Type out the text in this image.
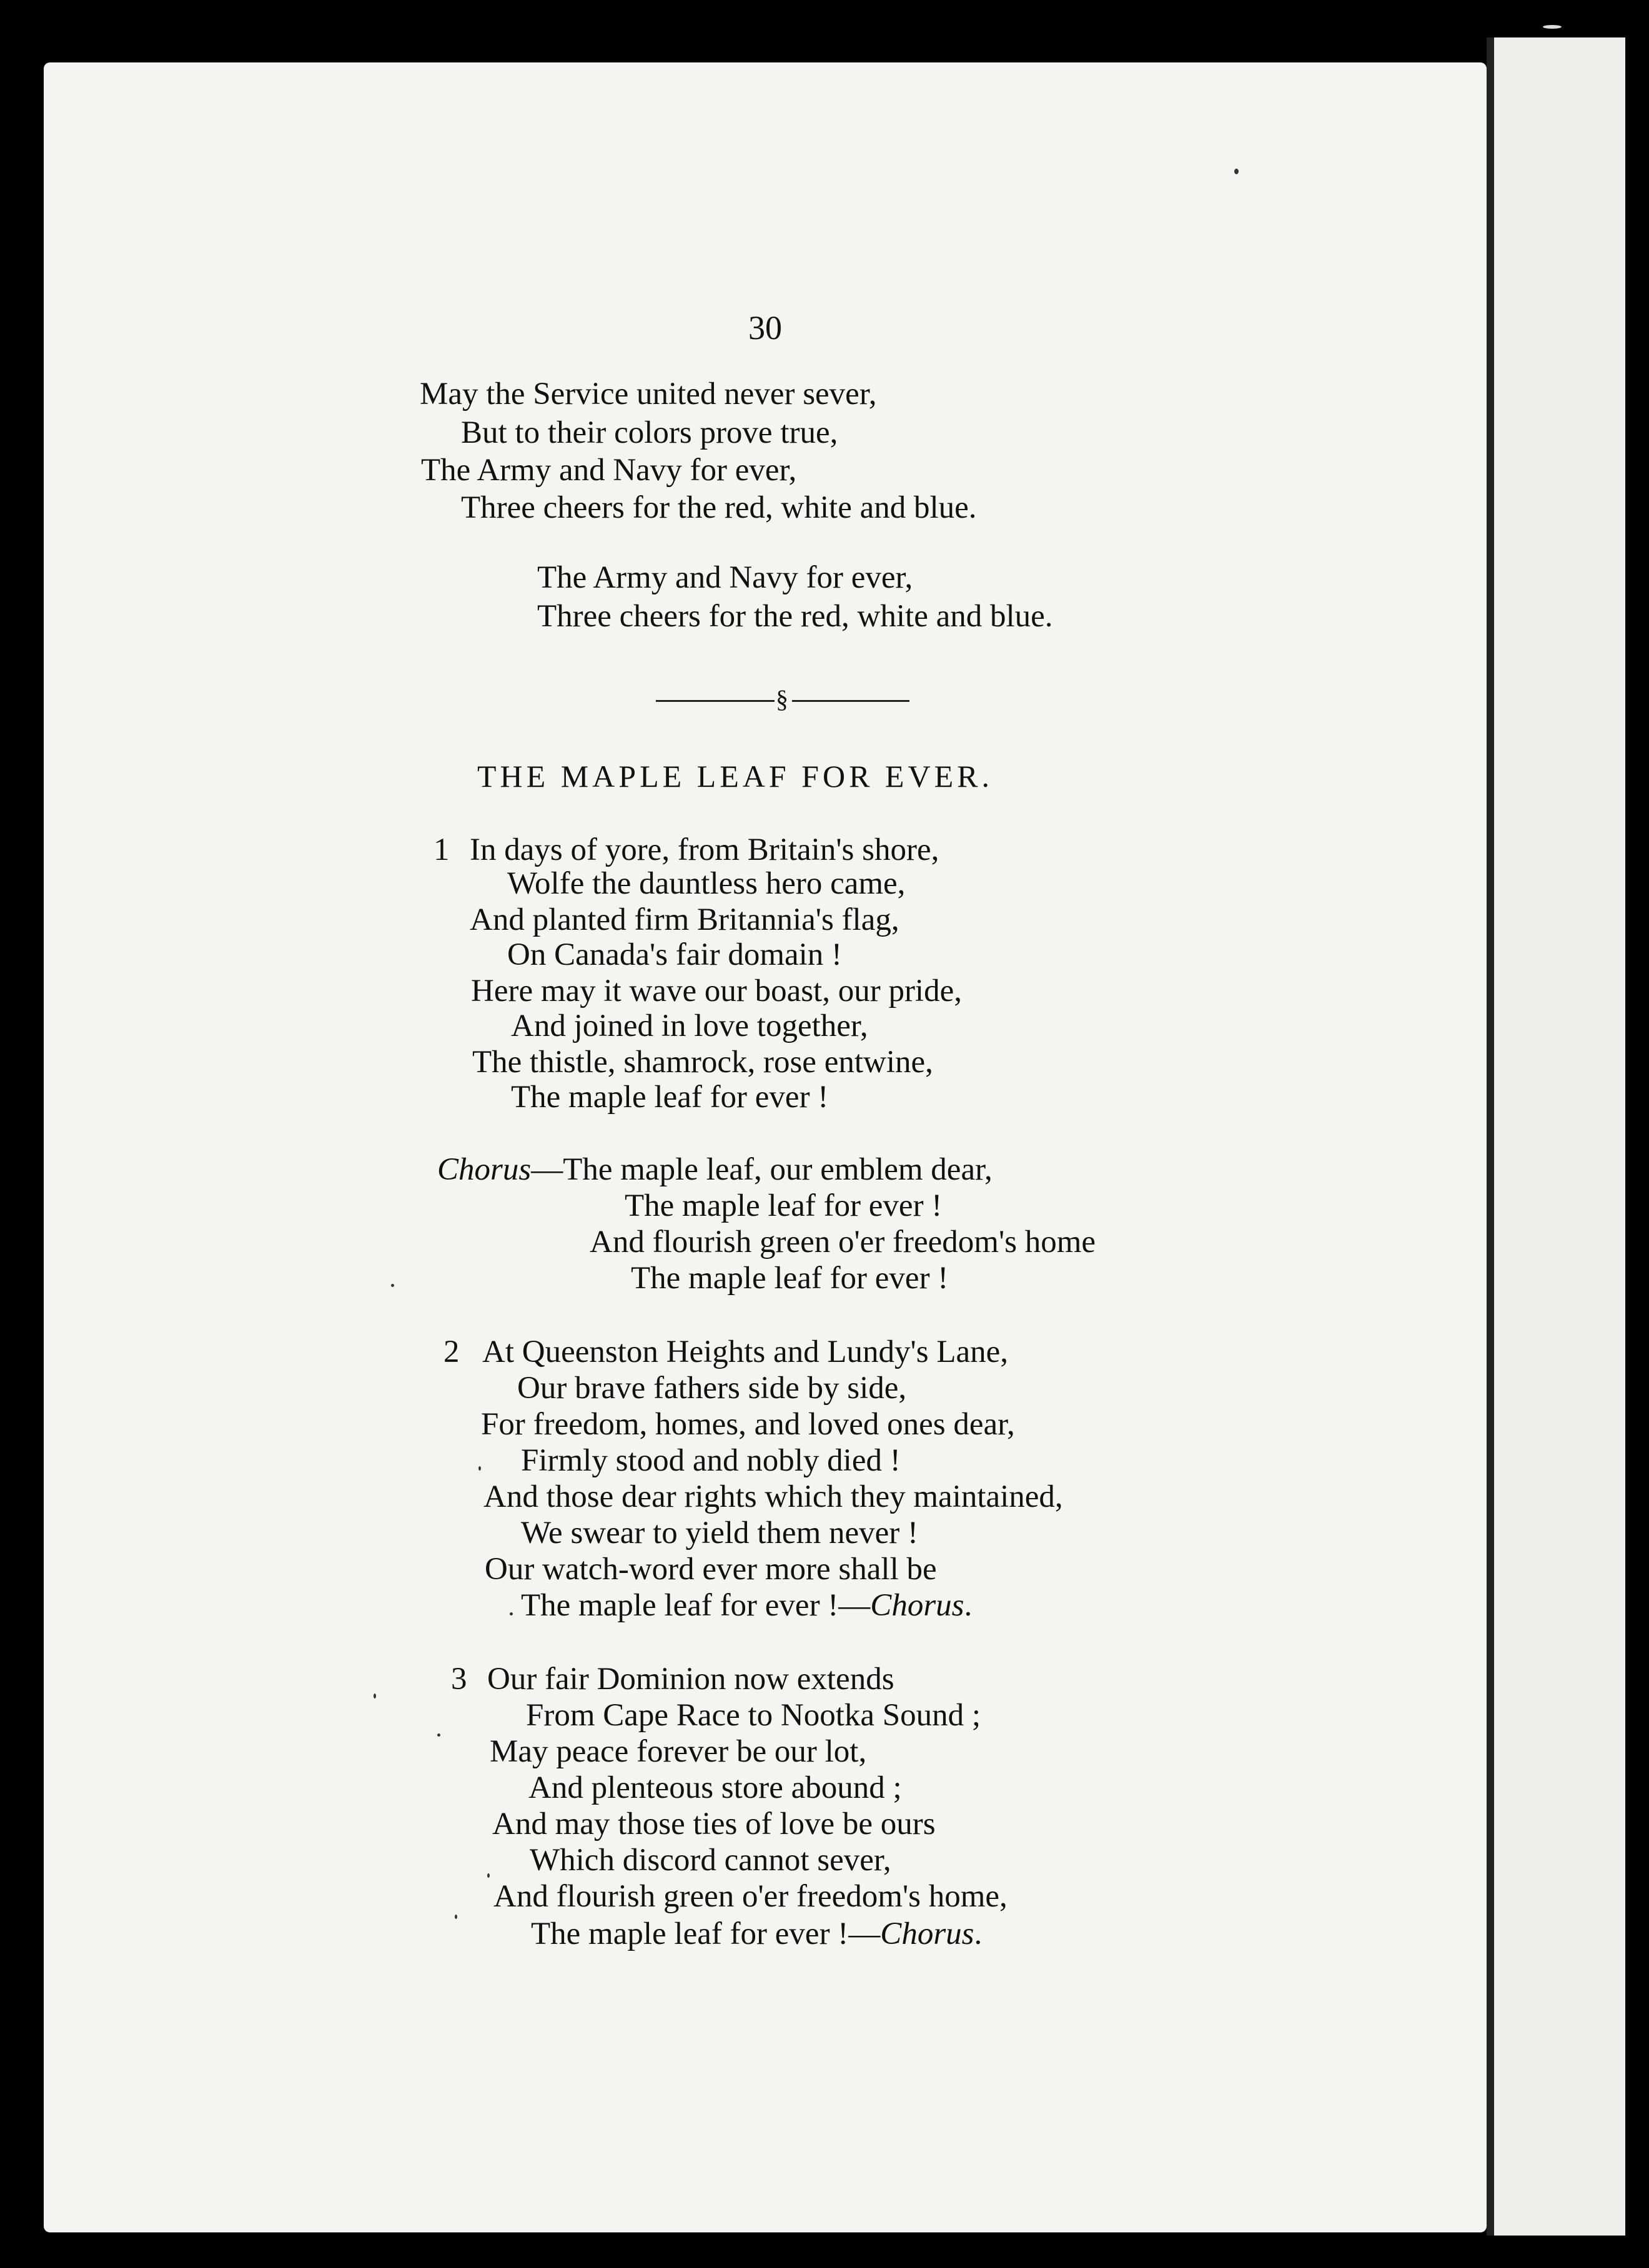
30
May the Service united never sever,
But to their colors prove true,
The Army and Navy for ever,
Three cheers for the red, white and blue.
The Army and Navy for ever,
Three cheers for the red, white and blue.
§
THE MAPLE LEAF FOR EVER.
1 In days of yore, from Britain's shore,
Wolfe the dauntless hero came,
And planted firm Britannia's flag,
On Canada's fair domain !
Here may it wave our boast, our pride,
And joined in love together,
The thistle, shamrock, rose entwine,
The maple leaf for ever !
Chorus—The maple leaf, our emblem dear,
The maple leaf for ever !
And flourish green o'er freedom's home
The maple leaf for ever !
2 At Queenston Heights and Lundy's Lane,
Our brave fathers side by side,
For freedom, homes, and loved ones dear,
Firmly stood and nobly died !
And those dear rights which they maintained,
We swear to yield them never !
Our watch-word ever more shall be
The maple leaf for ever !—Chorus.
3 Our fair Dominion now extends
From Cape Race to Nootka Sound ;
May peace forever be our lot,
And plenteous store abound ;
And may those ties of love be ours
Which discord cannot sever,
And flourish green o'er freedom's home,
The maple leaf for ever !—Chorus.
